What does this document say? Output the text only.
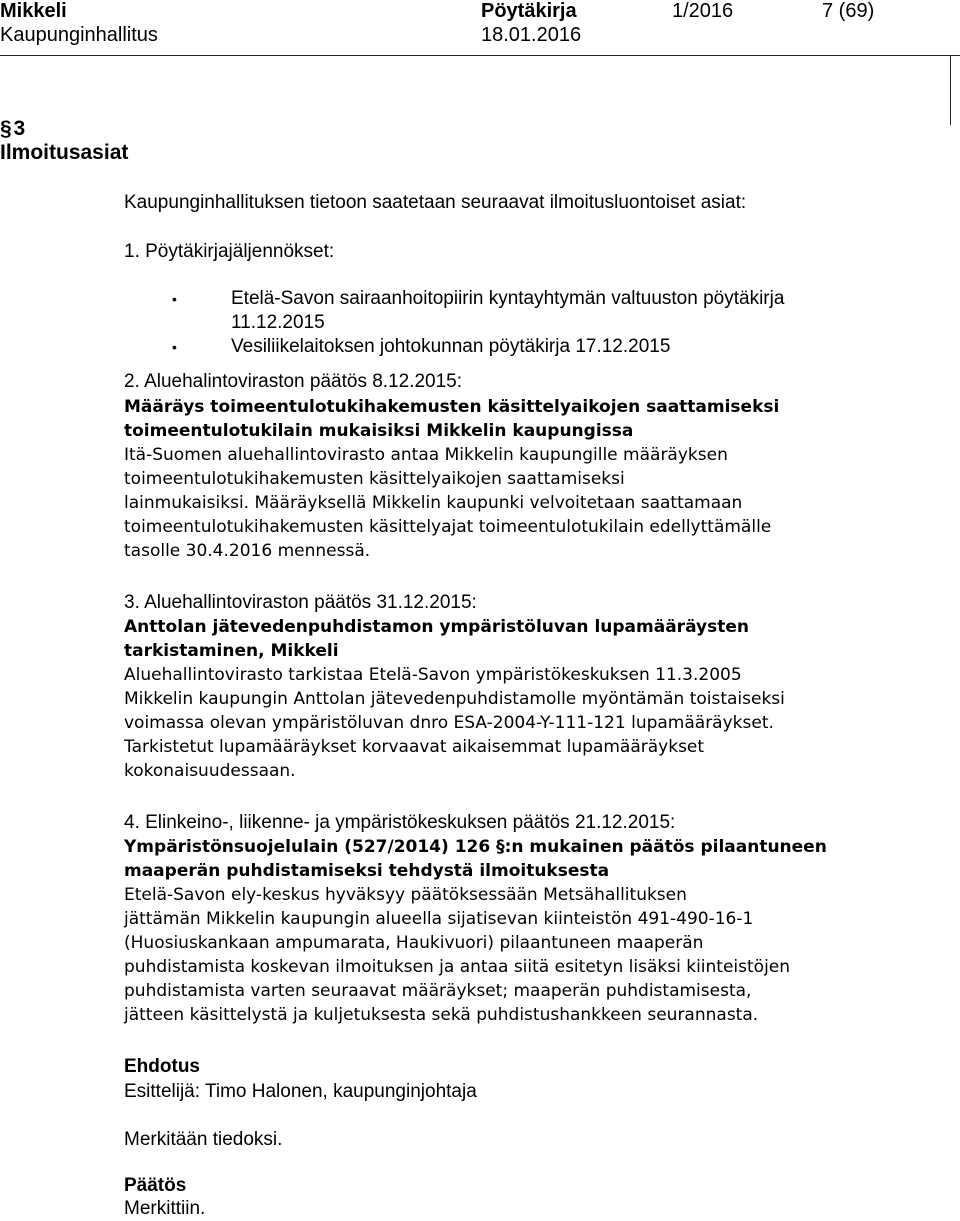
Mikkeli
Kaupunginhallitus
Pöytäkirja
18.01.2016
1/2016	7 (69)
§ 3
Ilmoitusasiat
Kaupunginhallituksen tietoon saatetaan seuraavat ilmoitusluontoiset asiat:
1. Pöytäkirjajäljennökset:
•	Etelä-Savon sairaanhoitopiirin kyntayhtymän valtuuston pöytäkirja
11.12.2015
•	Vesiliikelaitoksen johtokunnan pöytäkirja 17.12.2015
2. Aluehalintoviraston päätös 8.12.2015:
Määräys toimeentulotukihakemusten käsittelyaikojen saattamiseksi
toimeentulotukilain mukaisiksi Mikkelin kaupungissa
Itä-Suomen aluehallintovirasto antaa Mikkelin kaupungille määräyksen
toimeentulotukihakemusten käsittelyaikojen saattamiseksi
lainmukaisiksi. Määräyksellä Mikkelin kaupunki velvoitetaan saattamaan
toimeentulotukihakemusten käsittelyajat toimeentulotukilain edellyttämälle
tasolle 30.4.2016 mennessä.
3. Aluehallintoviraston päätös 31.12.2015:
Anttolan jätevedenpuhdistamon ympäristöluvan lupamääräysten
tarkistaminen, Mikkeli
Aluehallintovirasto tarkistaa Etelä-Savon ympäristökeskuksen 11.3.2005
Mikkelin kaupungin Anttolan jätevedenpuhdistamolle myöntämän toistaiseksi
voimassa olevan ympäristöluvan dnro ESA-2004-Y-111-121 lupamääräykset.
Tarkistetut lupamääräykset korvaavat aikaisemmat lupamääräykset
kokonaisuudessaan.
4. Elinkeino-, liikenne- ja ympäristökeskuksen päätös 21.12.2015:
Ympäristönsuojelulain (527/2014) 126 §:n mukainen päätös pilaantuneen
maaperän puhdistamiseksi tehdystä ilmoituksesta
Etelä-Savon ely-keskus hyväksyy päätöksessään Metsähallituksen
jättämän Mikkelin kaupungin alueella sijatisevan kiinteistön 491-490-16-1
(Huosiuskankaan ampumarata, Haukivuori) pilaantuneen maaperän
puhdistamista koskevan ilmoituksen ja antaa siitä esitetyn lisäksi kiinteistöjen
puhdistamista varten seuraavat määräykset; maaperän puhdistamisesta,
jätteen käsittelystä ja kuljetuksesta sekä puhdistushankkeen seurannasta.
Ehdotus
Esittelijä: Timo Halonen, kaupunginjohtaja
Merkitään tiedoksi.
Päätös
Merkittiin.
